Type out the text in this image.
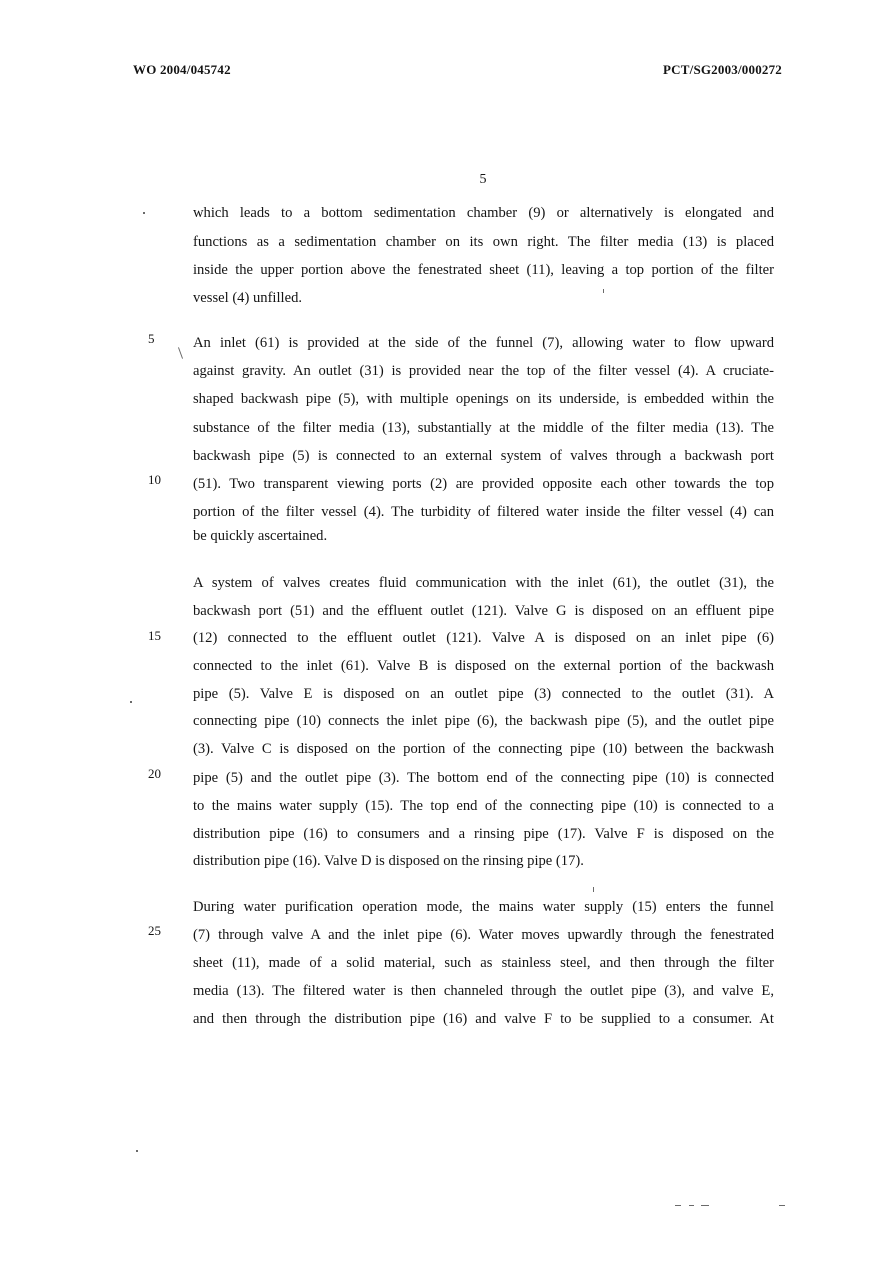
WO 2004/045742	PCT/SG2003/000272
5
which leads to a bottom sedimentation chamber (9) or alternatively is elongated and
functions as a sedimentation chamber on its own right. The filter media (13) is placed
inside the upper portion above the fenestrated sheet (11), leaving a top portion of the filter
vessel (4) unfilled.
An inlet (61) is provided at the side of the funnel (7), allowing water to flow upward
against gravity. An outlet (31) is provided near the top of the filter vessel (4). A cruciate-
shaped backwash pipe (5), with multiple openings on its underside, is embedded within the
substance of the filter media (13), substantially at the middle of the filter media (13). The
backwash pipe (5) is connected to an external system of valves through a backwash port
(51). Two transparent viewing ports (2) are provided opposite each other towards the top
portion of the filter vessel (4). The turbidity of filtered water inside the filter vessel (4) can
be quickly ascertained.
A system of valves creates fluid communication with the inlet (61), the outlet (31), the
backwash port (51) and the effluent outlet (121). Valve G is disposed on an effluent pipe
(12) connected to the effluent outlet (121). Valve A is disposed on an inlet pipe (6)
connected to the inlet (61). Valve B is disposed on the external portion of the backwash
pipe (5). Valve E is disposed on an outlet pipe (3) connected to the outlet (31). A
connecting pipe (10) connects the inlet pipe (6), the backwash pipe (5), and the outlet pipe
(3). Valve C is disposed on the portion of the connecting pipe (10) between the backwash
pipe (5) and the outlet pipe (3). The bottom end of the connecting pipe (10) is connected
to the mains water supply (15). The top end of the connecting pipe (10) is connected to a
distribution pipe (16) to consumers and a rinsing pipe (17). Valve F is disposed on the
distribution pipe (16). Valve D is disposed on the rinsing pipe (17).
During water purification operation mode, the mains water supply (15) enters the funnel
(7) through valve A and the inlet pipe (6). Water moves upwardly through the fenestrated
sheet (11), made of a solid material, such as stainless steel, and then through the filter
media (13). The filtered water is then channeled through the outlet pipe (3), and valve E,
and then through the distribution pipe (16) and valve F to be supplied to a consumer. At
5
10
15
20
25
